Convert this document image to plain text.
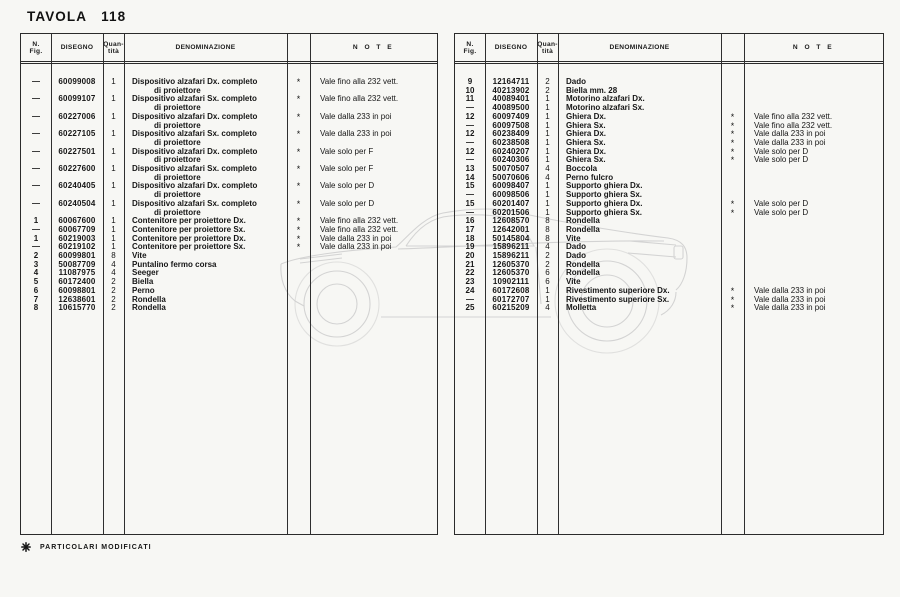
TAVOLA 118
N.
Fig.	DISEGNO	Quan-
tità	DENOMINAZIONE	N O T E
—	60099008	1	Dispositivo alzafari Dx. completo
di proiettore
*	Vale fino alla 232 vett.
—	60099107	1	Dispositivo alzafari Sx. completo
di proiettore
*	Vale fino alla 232 vett.
—	60227006	1	Dispositivo alzafari Dx. completo
di proiettore
*	Vale dalla 233 in poi
—	60227105	1	Dispositivo alzafari Sx. completo
di proiettore
*	Vale dalla 233 in poi
—	60227501	1	Dispositivo alzafari Dx. completo
di proiettore
*	Vale solo per F
—	60227600	1	Dispositivo alzafari Sx. completo
di proiettore
*	Vale solo per F
—	60240405	1	Dispositivo alzafari Dx. completo
di proiettore
*	Vale solo per D
—	60240504	1	Dispositivo alzafari Sx. completo
di proiettore
*	Vale solo per D
1	60067600	1	Contenitore per proiettore Dx.	*	Vale fino alla 232 vett.
—	60067709	1	Contenitore per proiettore Sx.	*	Vale fino alla 232 vett.
1	60219003	1	Contenitore per proiettore Dx.	*	Vale dalla 233 in poi
—	60219102	1	Contenitore per proiettore Sx.	*	Vale dalla 233 in poi
2	60099801	8	Vite
3	50087709	4	Puntalino fermo corsa
4	11087975	4	Seeger
5	60172400	2	Biella
6	60098801	2	Perno
7	12638601	2	Rondella
8	10615770	2	Rondella
N.
Fig.	DISEGNO	Quan-
tità	DENOMINAZIONE	N O T E
9	12164711	2	Dado
10	40213902	2	Biella mm. 28
11	40089401	1	Motorino alzafari Dx.
—	40089500	1	Motorino alzafari Sx.
12	60097409	1	Ghiera Dx.	*	Vale fino alla 232 vett.
—	60097508	1	Ghiera Sx.	*	Vale fino alla 232 vett.
12	60238409	1	Ghiera Dx.	*	Vale dalla 233 in poi
—	60238508	1	Ghiera Sx.	*	Vale dalla 233 in poi
12	60240207	1	Ghiera Dx.	*	Vale solo per D
—	60240306	1	Ghiera Sx.	*	Vale solo per D
13	50070507	4	Boccola
14	50070606	4	Perno fulcro
15	60098407	1	Supporto ghiera Dx.
—	60098506	1	Supporto ghiera Sx.
15	60201407	1	Supporto ghiera Dx.	*	Vale solo per D
—	60201506	1	Supporto ghiera Sx.	*	Vale solo per D
16	12608570	8	Rondella
17	12642001	8	Rondella
18	50145804	8	Vite
19	15896211	4	Dado
20	15896211	2	Dado
21	12605370	2	Rondella
22	12605370	6	Rondella
23	10902111	6	Vite
24	60172608	1	Rivestimento superiore Dx.	*	Vale dalla 233 in poi
—	60172707	1	Rivestimento superiore Sx.	*	Vale dalla 233 in poi
25	60215209	4	Molletta	*	Vale dalla 233 in poi
PARTICOLARI MODIFICATI
